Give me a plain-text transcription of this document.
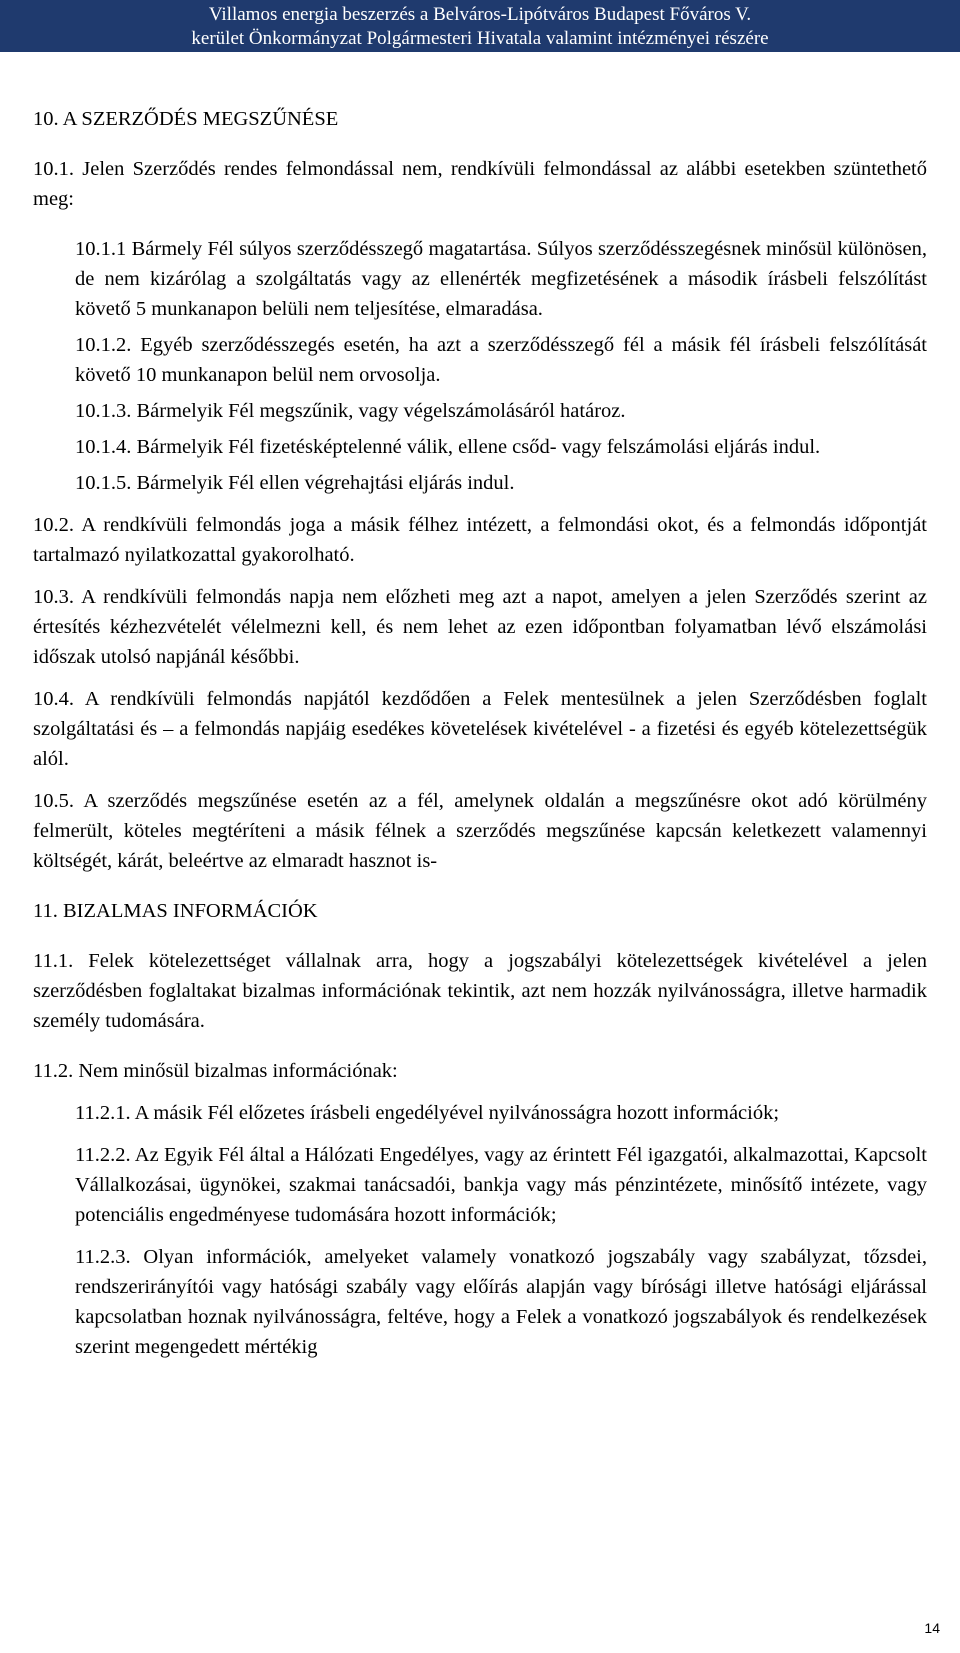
Villamos energia beszerzés a Belváros-Lipótváros Budapest Főváros V.
kerület Önkormányzat Polgármesteri Hivatala valamint intézményei részére

10. A SZERZŐDÉS MEGSZŰNÉSE

10.1. Jelen Szerződés rendes felmondással nem, rendkívüli felmondással az alábbi esetekben szüntethető meg:

10.1.1 Bármely Fél súlyos szerződésszegő magatartása. Súlyos szerződésszegésnek minősül különösen, de nem kizárólag a szolgáltatás vagy az ellenérték megfizetésének a második írásbeli felszólítást követő 5 munkanapon belüli nem teljesítése, elmaradása.

10.1.2. Egyéb szerződésszegés esetén, ha azt a szerződésszegő fél a másik fél írásbeli felszólítását követő 10 munkanapon belül nem orvosolja.

10.1.3. Bármelyik Fél megszűnik, vagy végelszámolásáról határoz.

10.1.4. Bármelyik Fél fizetésképtelenné válik, ellene csőd- vagy felszámolási eljárás indul.

10.1.5. Bármelyik Fél ellen végrehajtási eljárás indul.

10.2. A rendkívüli felmondás joga a másik félhez intézett, a felmondási okot, és a felmondás időpontját tartalmazó nyilatkozattal gyakorolható.

10.3. A rendkívüli felmondás napja nem előzheti meg azt a napot, amelyen a jelen Szerződés szerint az értesítés kézhezvételét vélelmezni kell, és nem lehet az ezen időpontban folyamatban lévő elszámolási időszak utolsó napjánál későbbi.

10.4. A rendkívüli felmondás napjától kezdődően a Felek mentesülnek a jelen Szerződésben foglalt szolgáltatási és – a felmondás napjáig esedékes követelések kivételével - a fizetési és egyéb kötelezettségük alól.

10.5. A szerződés megszűnése esetén az a fél, amelynek oldalán a megszűnésre okot adó körülmény felmerült, köteles megtéríteni a másik félnek a szerződés megszűnése kapcsán keletkezett valamennyi költségét, kárát, beleértve az elmaradt hasznot is-

11. BIZALMAS INFORMÁCIÓK

11.1. Felek kötelezettséget vállalnak arra, hogy a jogszabályi kötelezettségek kivételével a jelen szerződésben foglaltakat bizalmas információnak tekintik, azt nem hozzák nyilvánosságra, illetve harmadik személy tudomására.

11.2. Nem minősül bizalmas információnak:

11.2.1. A másik Fél előzetes írásbeli engedélyével nyilvánosságra hozott információk;

11.2.2. Az Egyik Fél által a Hálózati Engedélyes, vagy az érintett Fél igazgatói, alkalmazottai, Kapcsolt Vállalkozásai, ügynökei, szakmai tanácsadói, bankja vagy más pénzintézete, minősítő intézete, vagy potenciális engedményese tudomására hozott információk;

11.2.3. Olyan információk, amelyeket valamely vonatkozó jogszabály vagy szabályzat, tőzsdei, rendszerirányítói vagy hatósági szabály vagy előírás alapján vagy bírósági illetve hatósági eljárással kapcsolatban hoznak nyilvánosságra, feltéve, hogy a Felek a vonatkozó jogszabályok és rendelkezések szerint megengedett mértékig

14
